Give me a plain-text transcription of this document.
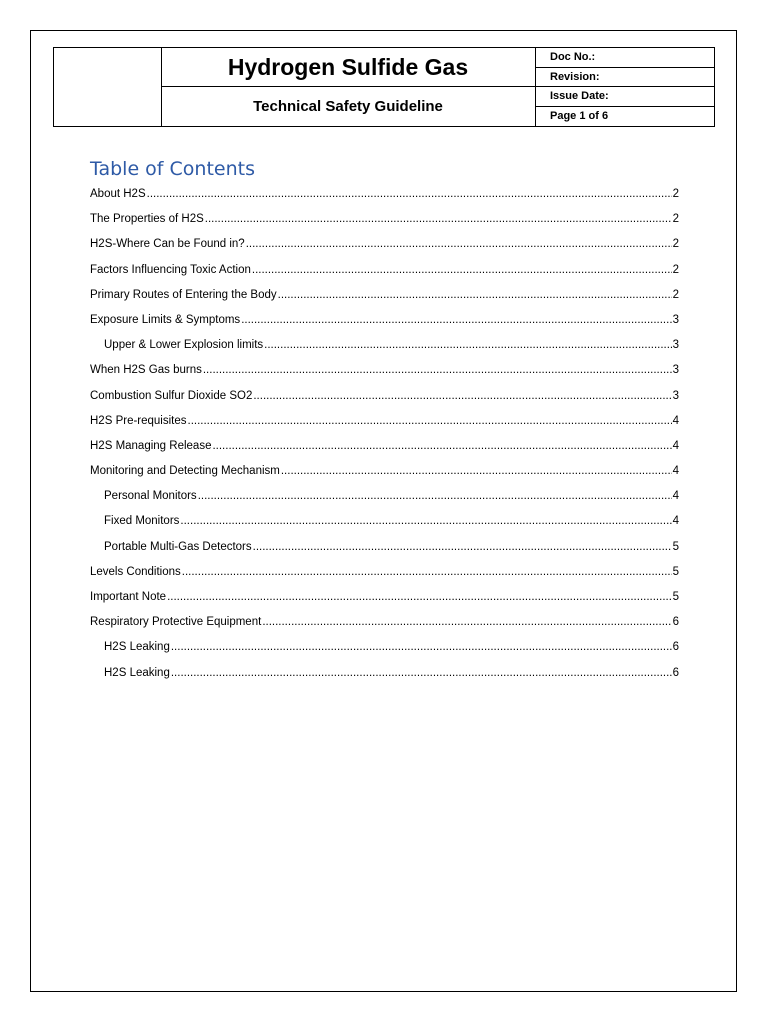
Hydrogen Sulfide Gas
Technical Safety Guideline
Doc No.:
Revision:
Issue Date:
Page 1 of 6
Table of Contents
About H2S .....	2
The Properties of H2S .....	2
H2S-Where Can be Found in? .....	2
Factors Influencing Toxic Action .....	2
Primary Routes of Entering the Body .....	2
Exposure Limits & Symptoms .....	3
Upper & Lower Explosion limits .....	3
When H2S Gas burns .....	3
Combustion Sulfur Dioxide SO2 .....	3
H2S Pre-requisites .....	4
H2S Managing Release .....	4
Monitoring and Detecting Mechanism .....	4
Personal Monitors .....	4
Fixed Monitors .....	4
Portable Multi-Gas Detectors .....	5
Levels Conditions .....	5
Important Note .....	5
Respiratory Protective Equipment .....	6
H2S Leaking .....	6
H2S Leaking .....	6
